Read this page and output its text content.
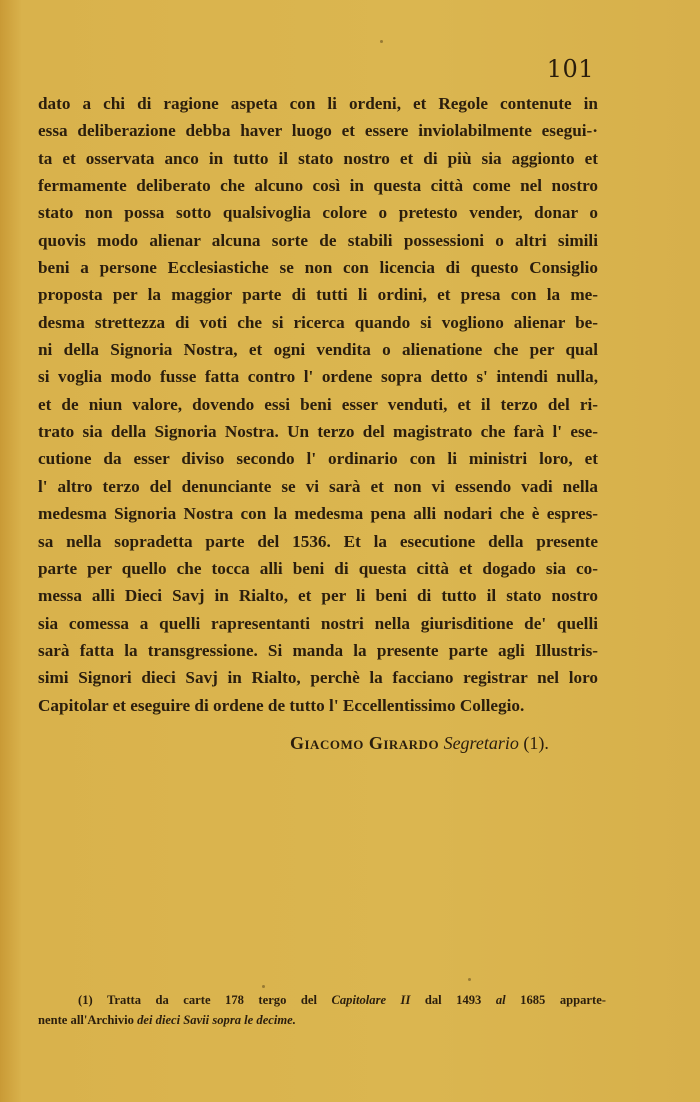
101
dato a chi di ragione aspeta con li ordeni, et Regole contenute in
essa deliberazione debba haver luogo et essere inviolabilmente esegui-·
ta et osservata anco in tutto il stato nostro et di più sia aggionto et
fermamente deliberato che alcuno così in questa città come nel nostro
stato non possa sotto qualsivoglia colore o pretesto vender, donar o
quovis modo alienar alcuna sorte de stabili possessioni o altri simili
beni a persone Ecclesiastiche se non con licencia di questo Consiglio
proposta per la maggior parte di tutti li ordini, et presa con la me-
desma strettezza di voti che si ricerca quando si vogliono alienar be-
ni della Signoria Nostra, et ogni vendita o alienatione che per qual
si voglia modo fusse fatta contro l' ordene sopra detto s' intendi nulla,
et de niun valore, dovendo essi beni esser venduti, et il terzo del ri-
trato sia della Signoria Nostra. Un terzo del magistrato che farà l' ese-
cutione da esser diviso secondo l' ordinario con li ministri loro, et
l' altro terzo del denunciante se vi sarà et non vi essendo vadi nella
medesma Signoria Nostra con la medesma pena alli nodari che è espres-
sa nella sopradetta parte del 1536. Et la esecutione della presente
parte per quello che tocca alli beni di questa città et dogado sia co-
messa alli Dieci Savj in Rialto, et per li beni di tutto il stato nostro
sia comessa a quelli rapresentanti nostri nella giurisditione de' quelli
sarà fatta la transgressione. Si manda la presente parte agli Illustris-
simi Signori dieci Savj in Rialto, perchè la facciano registrar nel loro
Capitolar et eseguire di ordene de tutto l' Eccellentissimo Collegio.
Giacomo Girardo Segretario (1).
(1) Tratta da carte 178 tergo del Capitolare II dal 1493 al 1685 apparte-
nente all'Archivio dei dieci Savii sopra le decime.
